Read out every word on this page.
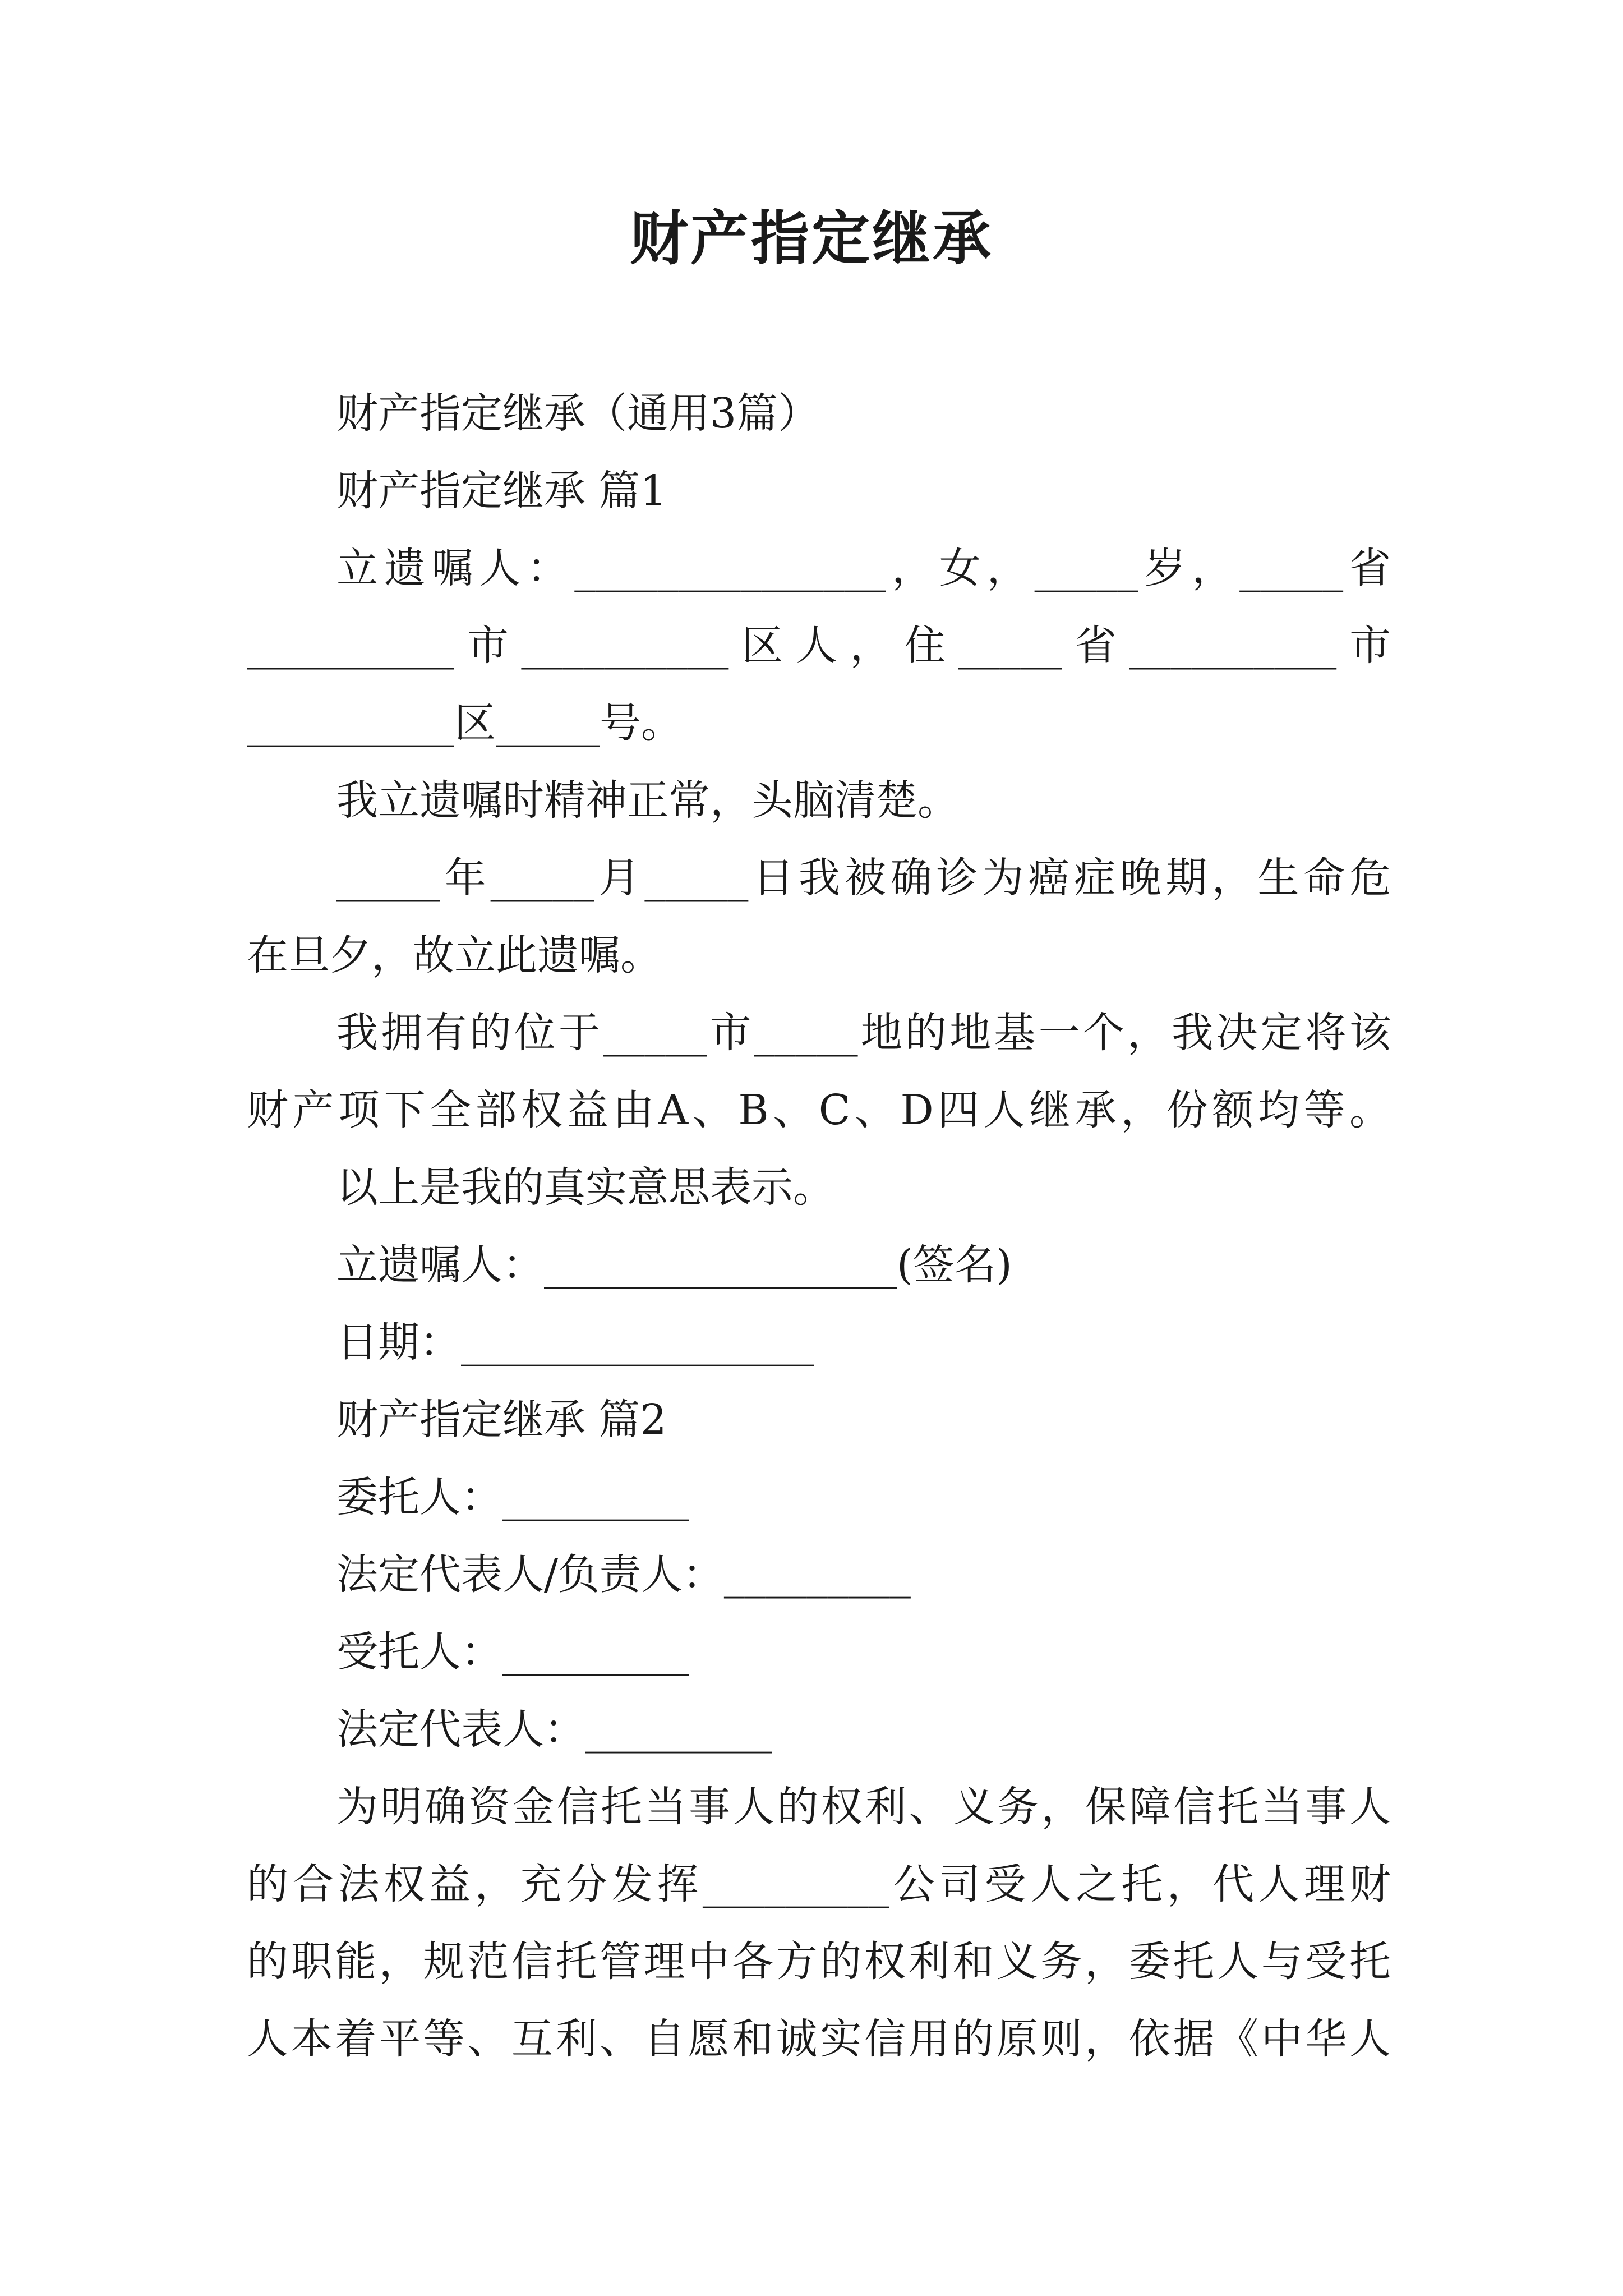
财产指定继承
财产指定继承（通用3篇）
财产指定继承 篇1
立遗嘱人：_______________，女，_____岁，_____省
__________市__________区人，住_____省__________市
__________区_____号。
我立遗嘱时精神正常，头脑清楚。
_____年_____月_____日我被确诊为癌症晚期，生命危
在旦夕，故立此遗嘱。
我拥有的位于_____市_____地的地基一个，我决定将该
财产项下全部权益由A、B、C、D四人继承，份额均等。
以上是我的真实意思表示。
立遗嘱人：_________________(签名)
日期：_________________
财产指定继承 篇2
委托人：_________
法定代表人/负责人：_________
受托人：_________
法定代表人：_________
为明确资金信托当事人的权利、义务，保障信托当事人
的合法权益，充分发挥_________公司受人之托，代人理财
的职能，规范信托管理中各方的权利和义务，委托人与受托
人本着平等、互利、自愿和诚实信用的原则，依据《中华人
